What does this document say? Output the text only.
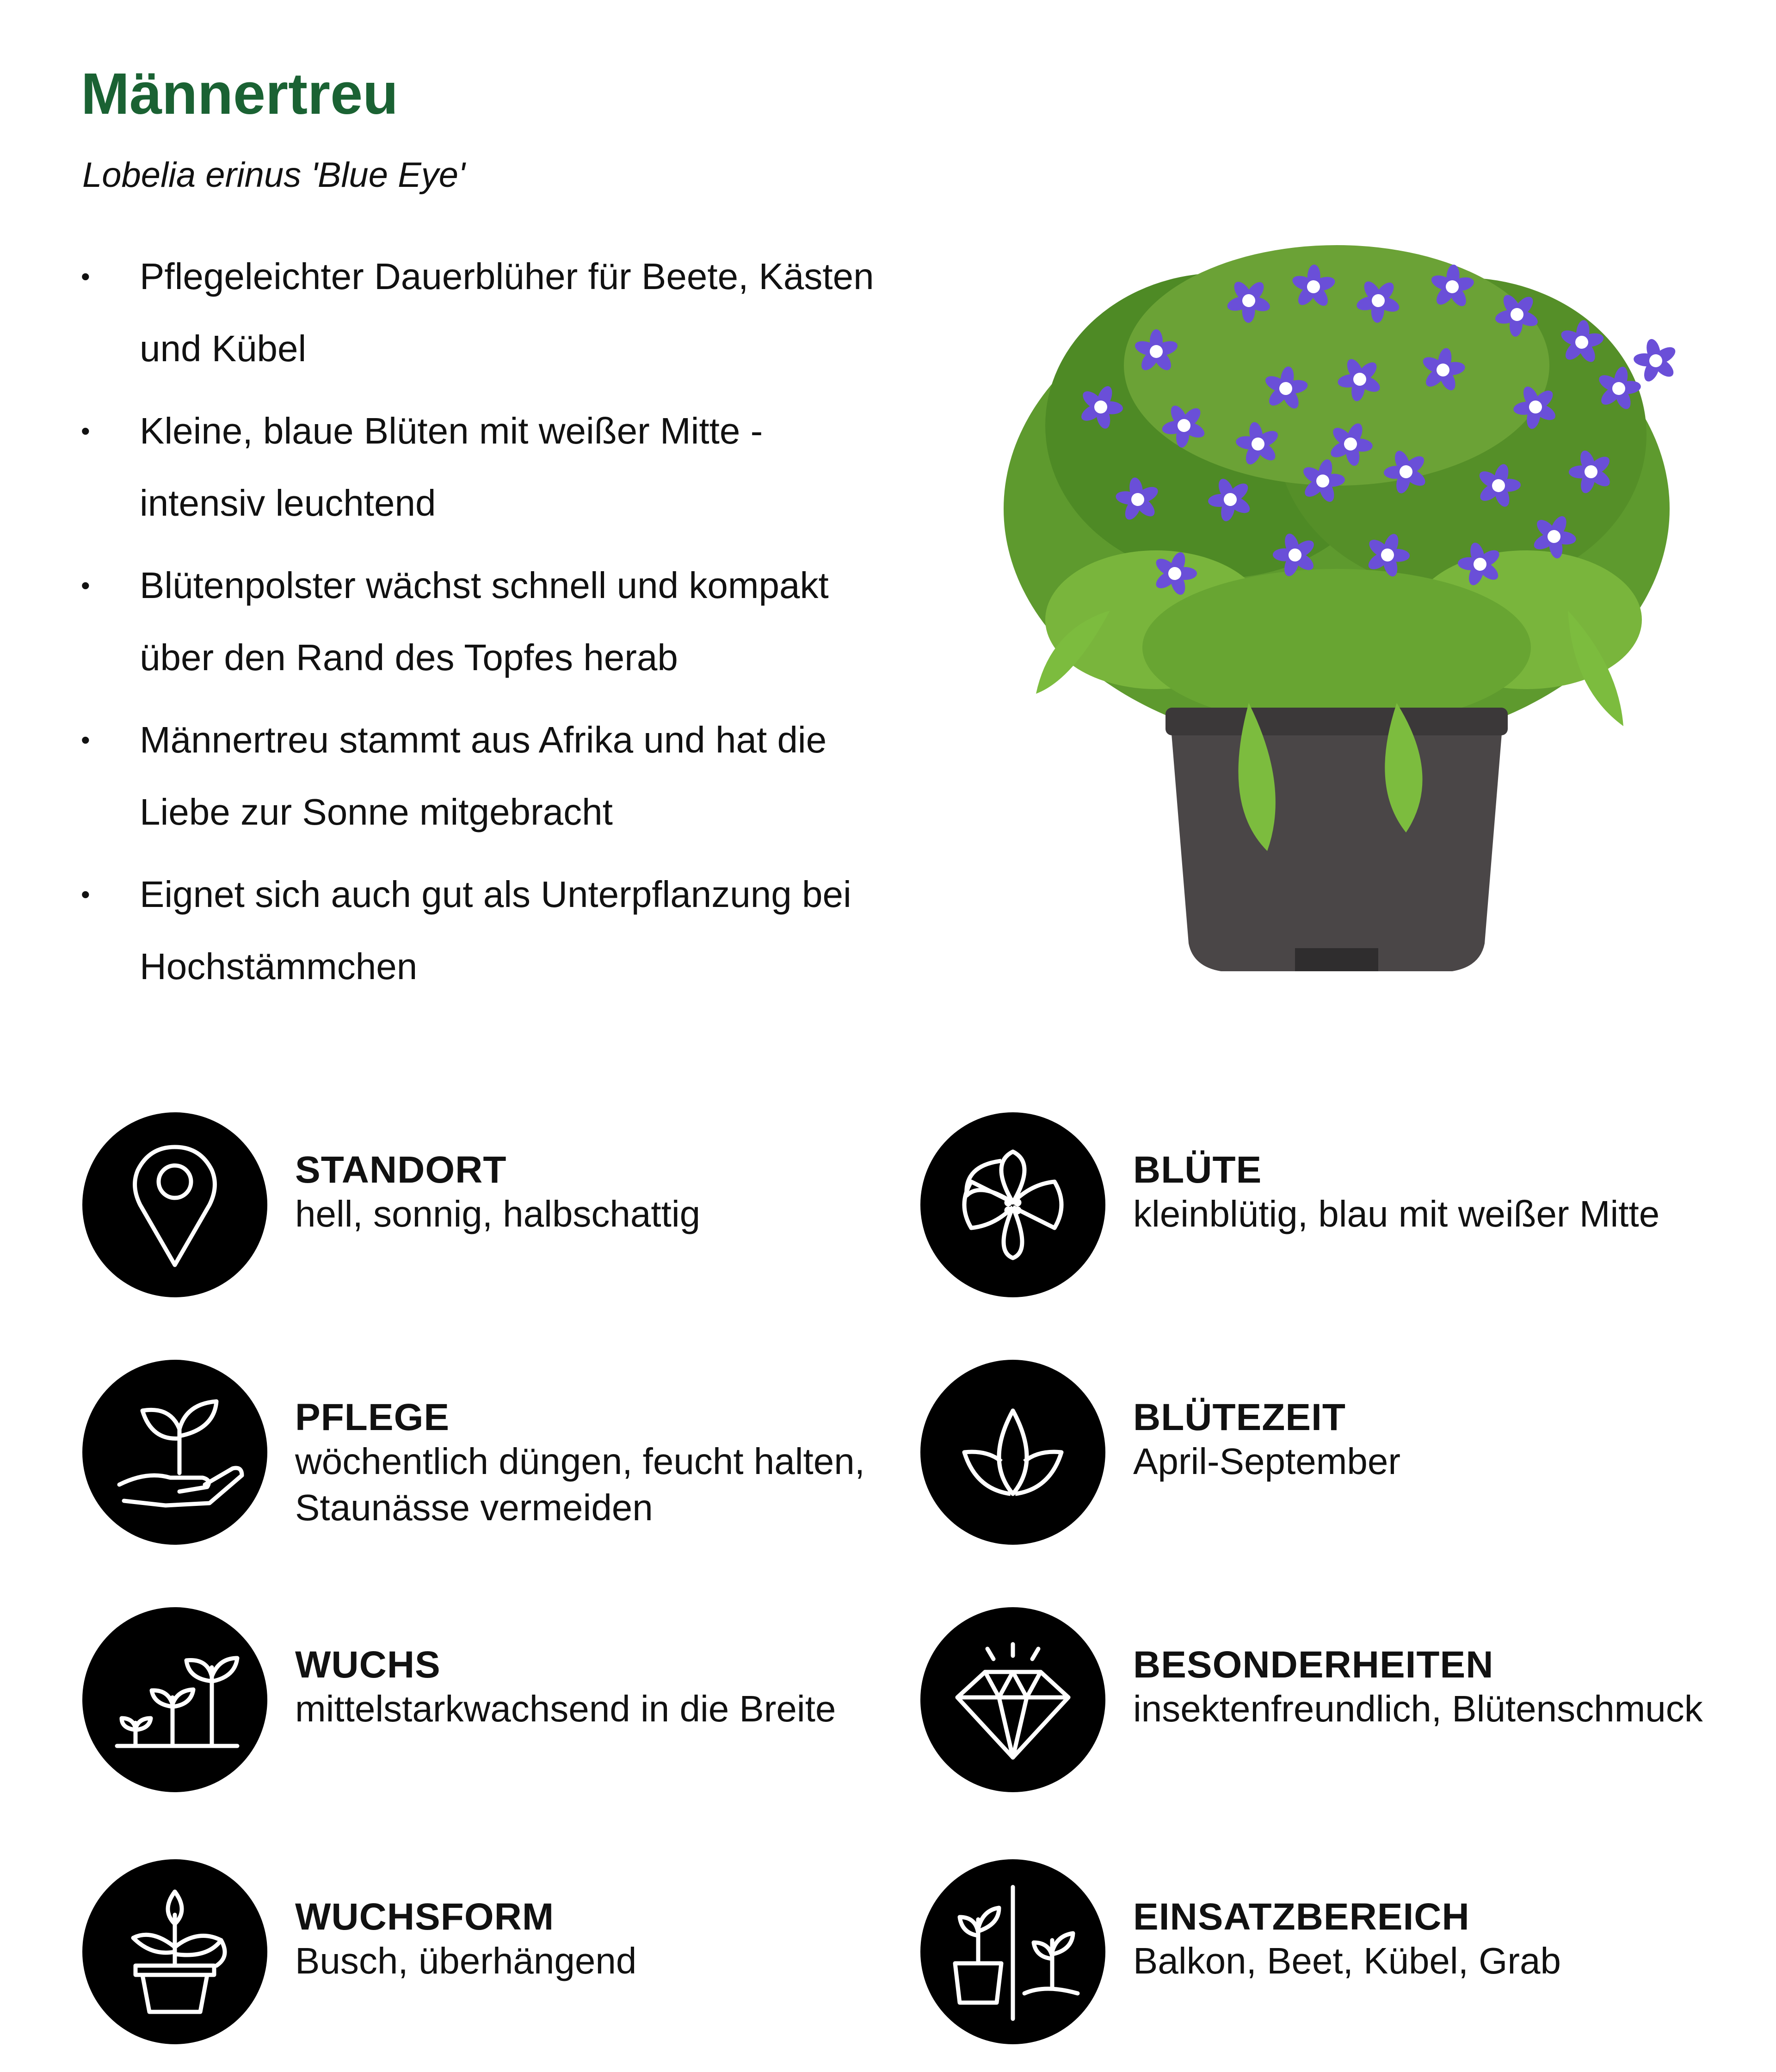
Männertreu

Lobelia erinus 'Blue Eye'

• Pflegeleichter Dauerblüher für Beete, Kästen und Kübel
• Kleine, blaue Blüten mit weißer Mitte - intensiv leuchtend
• Blütenpolster wächst schnell und kompakt über den Rand des Topfes herab
• Männertreu stammt aus Afrika und hat die Liebe zur Sonne mitgebracht
• Eignet sich auch gut als Unterpflanzung bei Hochstämmchen
STANDORT
hell, sonnig, halbschattig
BLÜTE
kleinblütig, blau mit weißer Mitte
PFLEGE
wöchentlich düngen, feucht halten, Staunässe vermeiden
BLÜTEZEIT
April-September
WUCHS
mittelstarkwachsend in die Breite
BESONDERHEITEN
insektenfreundlich, Blütenschmuck
WUCHSFORM
Busch, überhängend
EINSATZBEREICH
Balkon, Beet, Kübel, Grab
